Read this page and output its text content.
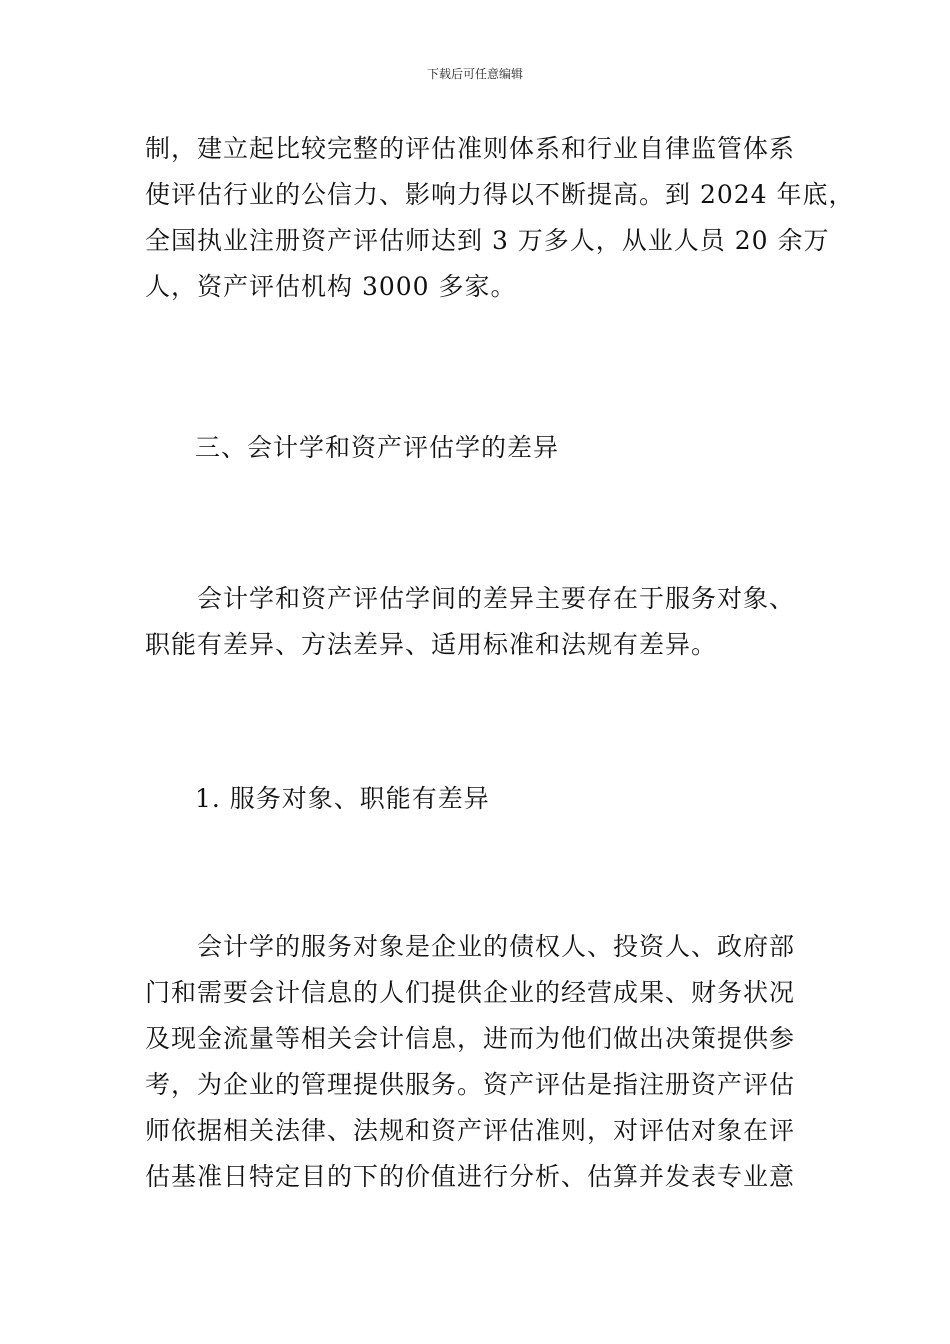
下载后可任意编辑
制，建立起比较完整的评估准则体系和行业自律监管体系
使评估行业的公信力、影响力得以不断提高。到 2024 年底，
全国执业注册资产评估师达到 3 万多人，从业人员 20 余万
人，资产评估机构 3000 多家。
三、会计学和资产评估学的差异
会计学和资产评估学间的差异主要存在于服务对象、
职能有差异、方法差异、适用标准和法规有差异。
1. 服务对象、职能有差异
会计学的服务对象是企业的债权人、投资人、政府部
门和需要会计信息的人们提供企业的经营成果、财务状况
及现金流量等相关会计信息，进而为他们做出决策提供参
考，为企业的管理提供服务。资产评估是指注册资产评估
师依据相关法律、法规和资产评估准则，对评估对象在评
估基准日特定目的下的价值进行分析、估算并发表专业意
